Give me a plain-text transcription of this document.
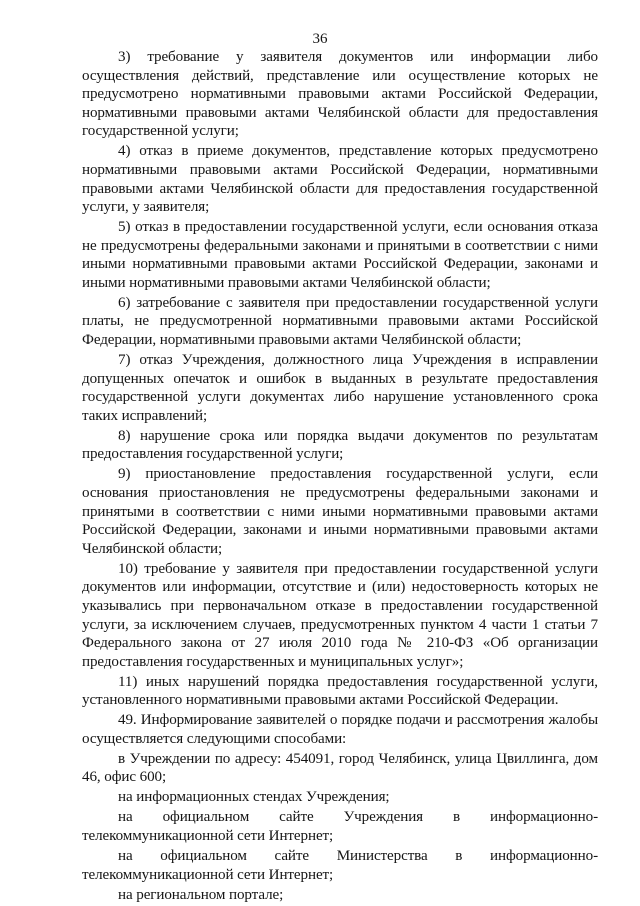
36

3) требование у заявителя документов или информации либо осуществления действий, представление или осуществление которых не предусмотрено нормативными правовыми актами Российской Федерации, нормативными правовыми актами Челябинской области для предоставления государственной услуги;

4) отказ в приеме документов, представление которых предусмотрено нормативными правовыми актами Российской Федерации, нормативными правовыми актами Челябинской области для предоставления государственной услуги, у заявителя;

5) отказ в предоставлении государственной услуги, если основания отказа не предусмотрены федеральными законами и принятыми в соответствии с ними иными нормативными правовыми актами Российской Федерации, законами и иными нормативными правовыми актами Челябинской области;

6) затребование с заявителя при предоставлении государственной услуги платы, не предусмотренной нормативными правовыми актами Российской Федерации, нормативными правовыми актами Челябинской области;

7) отказ Учреждения, должностного лица Учреждения в исправлении допущенных опечаток и ошибок в выданных в результате предоставления государственной услуги документах либо нарушение установленного срока таких исправлений;

8) нарушение срока или порядка выдачи документов по результатам предоставления государственной услуги;

9) приостановление предоставления государственной услуги, если основания приостановления не предусмотрены федеральными законами и принятыми в соответствии с ними иными нормативными правовыми актами Российской Федерации, законами и иными нормативными правовыми актами Челябинской области;

10) требование у заявителя при предоставлении государственной услуги документов или информации, отсутствие и (или) недостоверность которых не указывались при первоначальном отказе в предоставлении государственной услуги, за исключением случаев, предусмотренных пунктом 4 части 1 статьи 7 Федерального закона от 27 июля 2010 года № 210-ФЗ «Об организации предоставления государственных и муниципальных услуг»;

11) иных нарушений порядка предоставления государственной услуги, установленного нормативными правовыми актами Российской Федерации.

49. Информирование заявителей о порядке подачи и рассмотрения жалобы осуществляется следующими способами:

в Учреждении по адресу: 454091, город Челябинск, улица Цвиллинга, дом 46, офис 600;

на информационных стендах Учреждения;

на официальном сайте Учреждения в информационно-телекоммуникационной сети Интернет;

на официальном сайте Министерства в информационно-телекоммуникационной сети Интернет;

на региональном портале;
